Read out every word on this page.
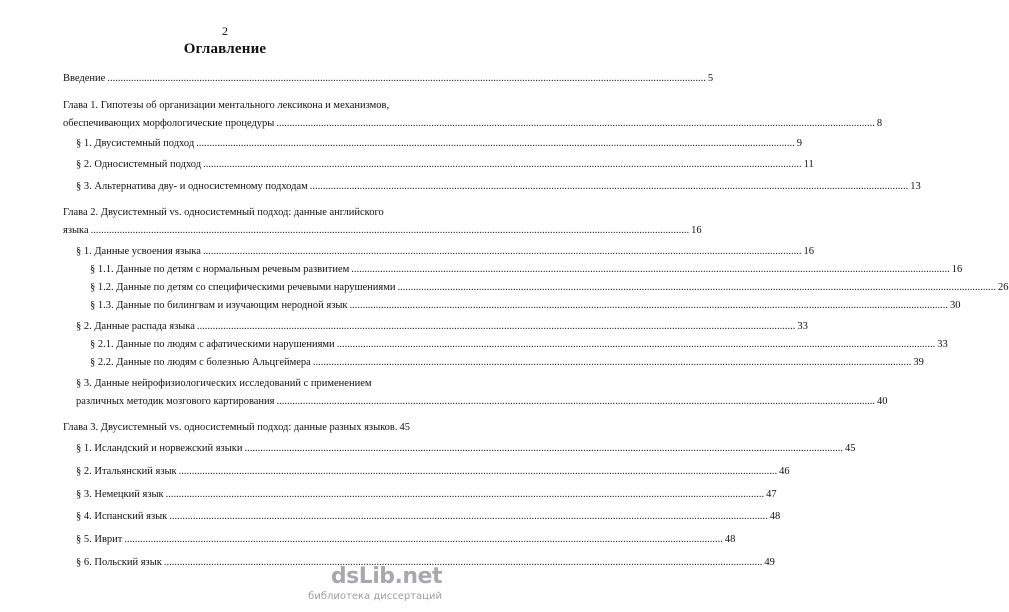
2
Оглавление
Введение .....	5
Глава 1. Гипотезы об организации ментального лексикона и механизмов,
обеспечивающих морфологические процедуры .....	8
§ 1. Двусистемный подход .....	9
§ 2. Односистемный подход .....	11
§ 3. Альтернатива дву- и односистемному подходам .....	13
Глава 2. Двусистемный vs. односистемный подход: данные английского
языка .....	16
§ 1. Данные усвоения языка .....	16
§ 1.1. Данные по детям с нормальным речевым развитием .....	16
§ 1.2. Данные по детям со специфическими речевыми нарушениями .....	26
§ 1.3. Данные по билингвам и изучающим неродной язык .....	30
§ 2. Данные распада языка .....	33
§ 2.1. Данные по людям с афатическими нарушениями .....	33
§ 2.2. Данные по людям с болезнью Альцгеймера .....	39
§ 3. Данные нейрофизиологических исследований с применением
различных методик мозгового картирования .....	40
Глава 3. Двусистемный vs. односистемный подход: данные разных языков. 45
§ 1. Исландский и норвежский языки .....	45
§ 2. Итальянский язык .....	46
§ 3. Немецкий язык .....	47
§ 4. Испанский язык .....	48
§ 5. Иврит .....	48
§ 6. Польский язык .....	49
dsLib.net
библиотека диссертаций
